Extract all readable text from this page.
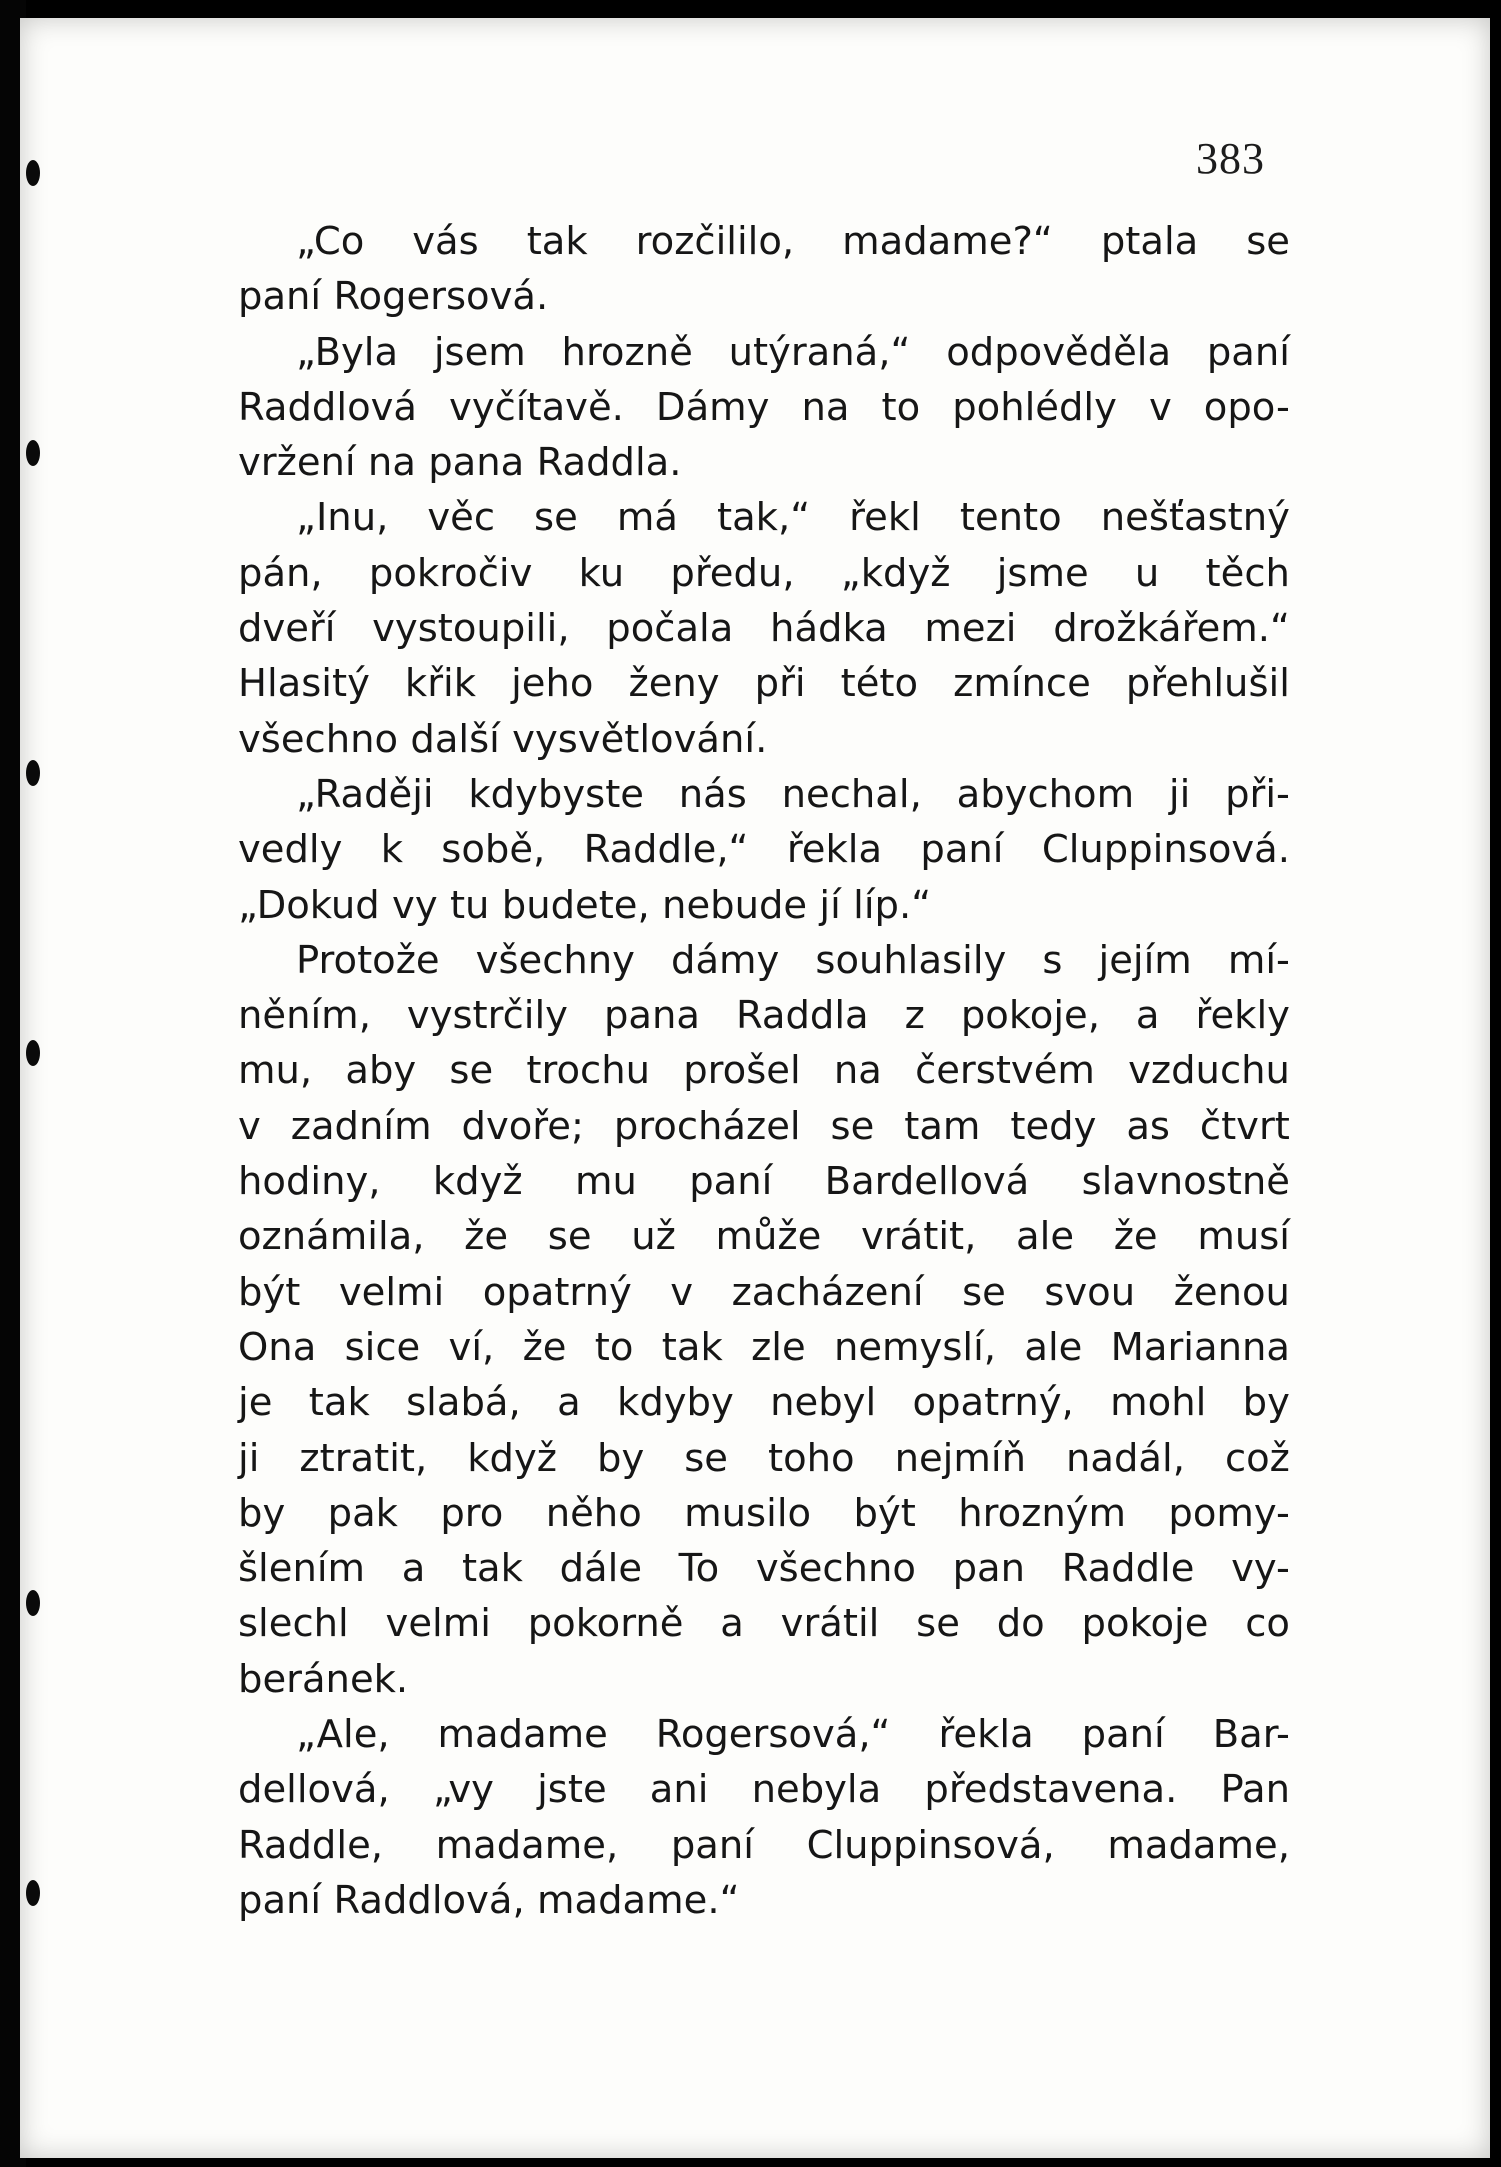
383
„Co vás tak rozčililo, madame?“ ptala se
paní Rogersová.
„Byla jsem hrozně utýraná,“ odpověděla paní
Raddlová vyčítavě. Dámy na to pohlédly v opo-
vržení na pana Raddla.
„Inu, věc se má tak,“ řekl tento nešťastný
pán, pokročiv ku předu, „když jsme u těch
dveří vystoupili, počala hádka mezi drožkářem.“
Hlasitý křik jeho ženy při této zmínce přehlušil
všechno další vysvětlování.
„Raději kdybyste nás nechal, abychom ji při-
vedly k sobě, Raddle,“ řekla paní Cluppinsová.
„Dokud vy tu budete, nebude jí líp.“
Protože všechny dámy souhlasily s jejím mí-
něním, vystrčily pana Raddla z pokoje, a řekly
mu, aby se trochu prošel na čerstvém vzduchu
v zadním dvoře; procházel se tam tedy as čtvrt
hodiny, když mu paní Bardellová slavnostně
oznámila, že se už může vrátit, ale že musí
být velmi opatrný v zacházení se svou ženou
Ona sice ví, že to tak zle nemyslí, ale Marianna
je tak slabá, a kdyby nebyl opatrný, mohl by
ji ztratit, když by se toho nejmíň nadál, což
by pak pro něho musilo být hrozným pomy-
šlením a tak dále To všechno pan Raddle vy-
slechl velmi pokorně a vrátil se do pokoje co
beránek.
„Ale, madame Rogersová,“ řekla paní Bar-
dellová, „vy jste ani nebyla představena. Pan
Raddle, madame, paní Cluppinsová, madame,
paní Raddlová, madame.“
